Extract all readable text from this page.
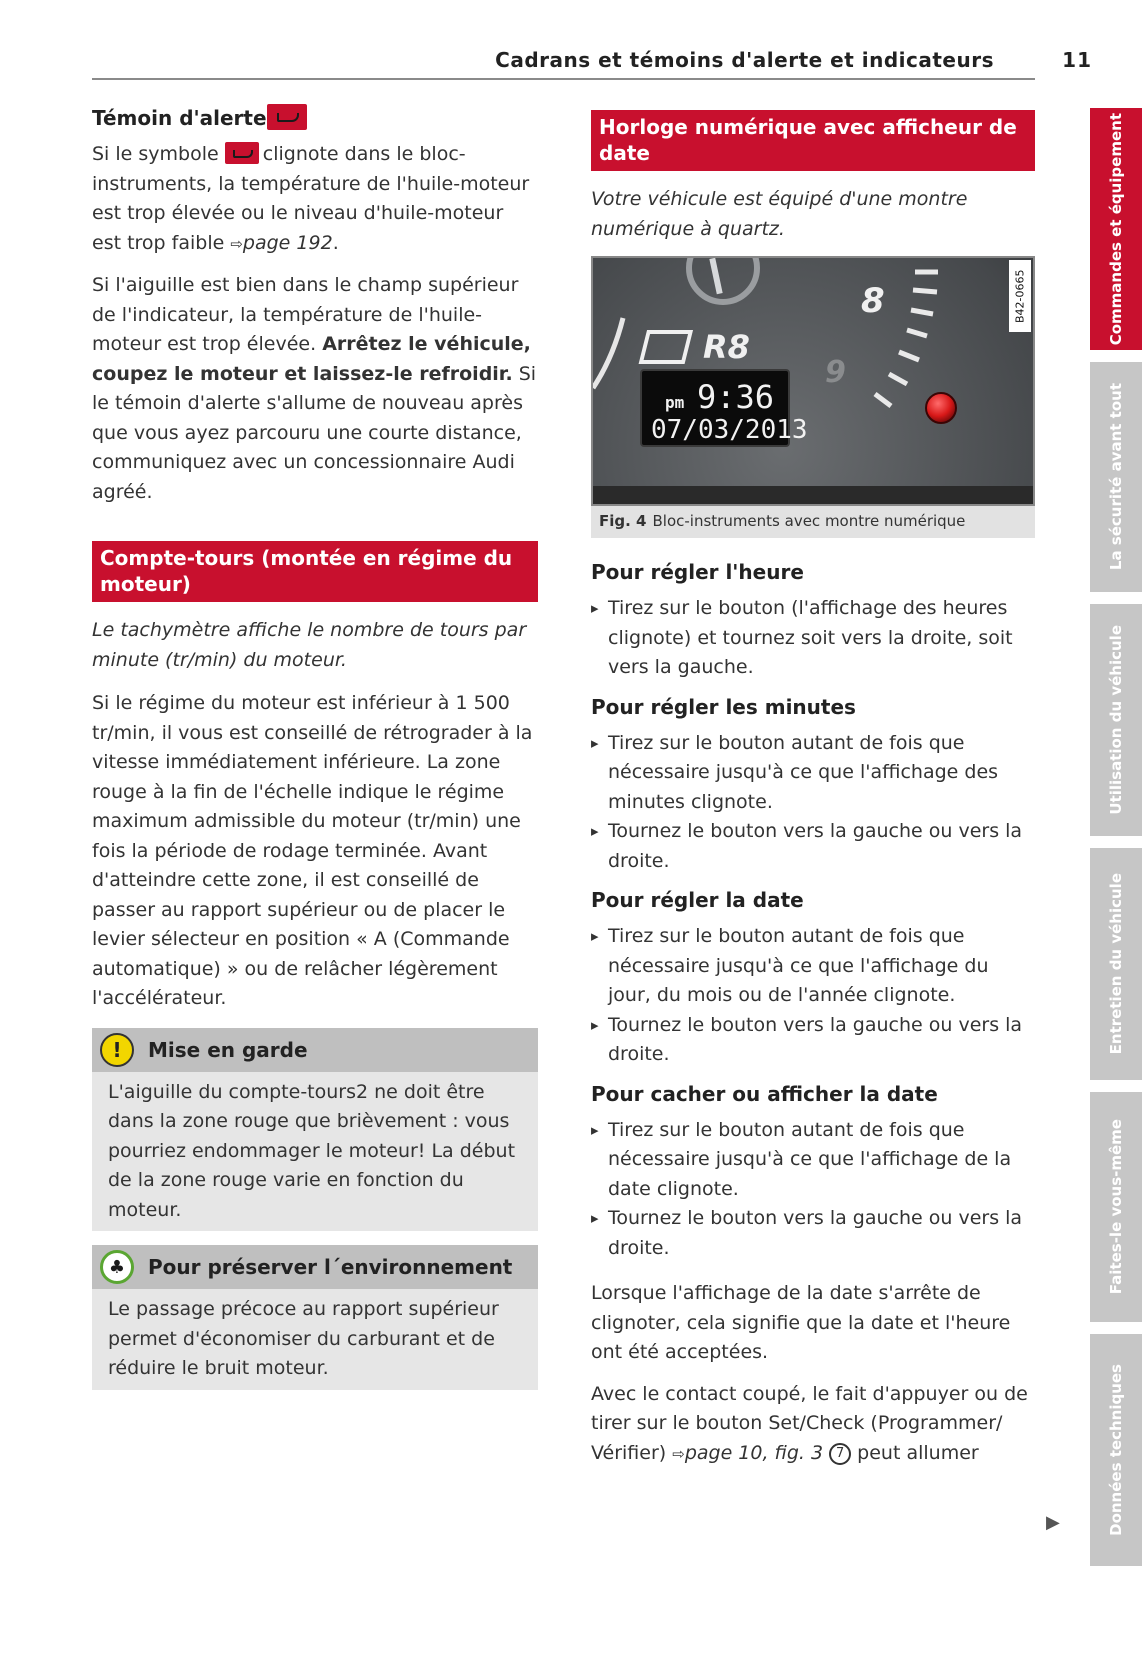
Cadrans et témoins d'alerte et indicateurs	11
Témoin d'alerte

Si le symbole clignote dans le bloc-instruments, la température de l'huile-moteur est trop élevée ou le niveau d'huile-moteur est trop faible ⇨page 192.

Si l'aiguille est bien dans le champ supérieur de l'indicateur, la température de l'huile-moteur est trop élevée. Arrêtez le véhicule, coupez le moteur et laissez-le refroidir. Si le témoin d'alerte s'allume de nouveau après que vous ayez parcouru une courte distance, communiquez avec un concessionnaire Audi agréé.

Compte-tours (montée en régime du moteur)

Le tachymètre affiche le nombre de tours par minute (tr/min) du moteur.

Si le régime du moteur est inférieur à 1 500 tr/min, il vous est conseillé de rétrograder à la vitesse immédiatement inférieure. La zone rouge à la fin de l'échelle indique le régime maximum admissible du moteur (tr/min) une fois la période de rodage terminée. Avant d'atteindre cette zone, il est conseillé de passer au rapport supérieur ou de placer le levier sélecteur en position « A (Commande automatique) » ou de relâcher légèrement l'accélérateur.

!	Mise en garde
L'aiguille du compte-tours2 ne doit être dans la zone rouge que brièvement : vous pourriez endommager le moteur! La début de la zone rouge varie en fonction du moteur.
♣	Pour préserver l´environnement
Le passage précoce au rapport supérieur permet d'économiser du carburant et de réduire le bruit moteur.
Horloge numérique avec afficheur de date

Votre véhicule est équipé d'une montre numérique à quartz.

8
9
R8
pm 9:36
07/03/2013
B42-0665
Fig. 4 Bloc-instruments avec montre numérique
Pour régler l'heure
▸ Tirez sur le bouton (l'affichage des heures clignote) et tournez soit vers la droite, soit vers la gauche.
Pour régler les minutes
▸ Tirez sur le bouton autant de fois que nécessaire jusqu'à ce que l'affichage des minutes clignote.
▸ Tournez le bouton vers la gauche ou vers la droite.
Pour régler la date
▸ Tirez sur le bouton autant de fois que nécessaire jusqu'à ce que l'affichage du jour, du mois ou de l'année clignote.
▸ Tournez le bouton vers la gauche ou vers la droite.
Pour cacher ou afficher la date
▸ Tirez sur le bouton autant de fois que nécessaire jusqu'à ce que l'affichage de la date clignote.
▸ Tournez le bouton vers la gauche ou vers la droite.

Lorsque l'affichage de la date s'arrête de clignoter, cela signifie que la date et l'heure ont été acceptées.

Avec le contact coupé, le fait d'appuyer ou de tirer sur le bouton Set/Check (Programmer/ Vérifier) ⇨page 10, fig. 3 7 peut allumer

▶
Commandes et équipement
La sécurité avant tout
Utilisation du véhicule
Entretien du véhicule
Faites-le vous-même
Données techniques
